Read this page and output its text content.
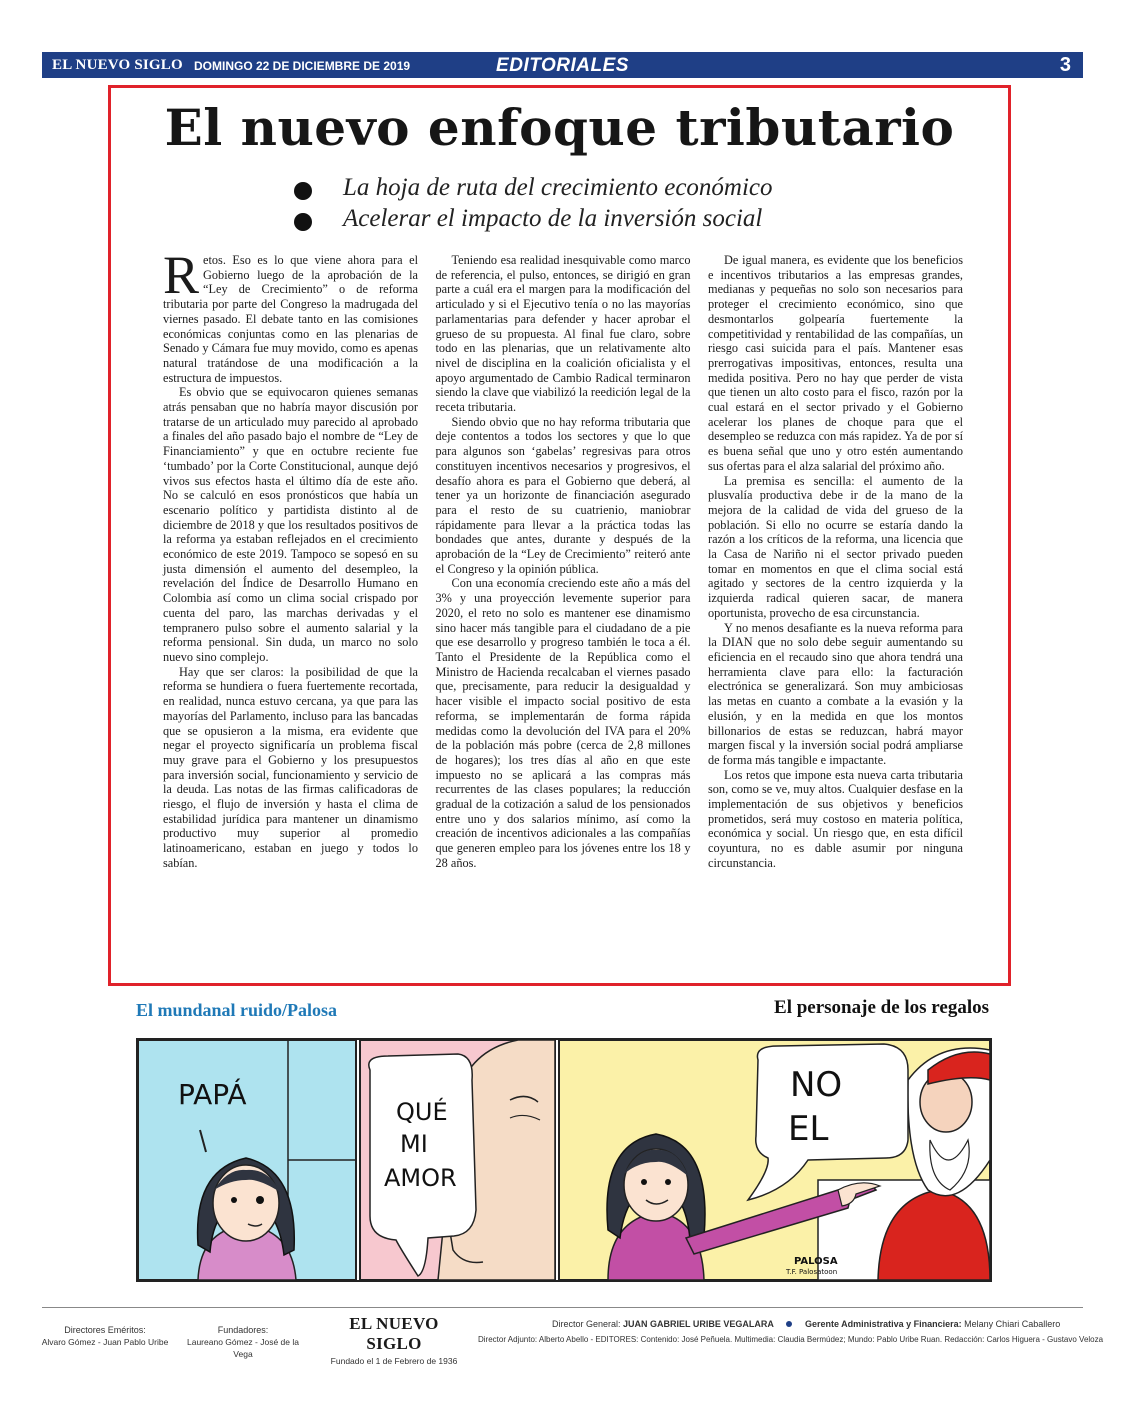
EL NUEVO SIGLO DOMINGO 22 DE DICIEMBRE DE 2019	EDITORIALES	3
El nuevo enfoque tributario
La hoja de ruta del crecimiento económico
Acelerar el impacto de la inversión social

Retos. Eso es lo que viene ahora para el Gobierno luego de la aprobación de la “Ley de Crecimiento” o de reforma tributaria por parte del Congreso la madrugada del viernes pasado. El debate tanto en las comisiones económicas conjuntas como en las plenarias de Senado y Cámara fue muy movido, como es apenas natural tratándose de una modificación a la estructura de impuestos.

Es obvio que se equivocaron quienes semanas atrás pensaban que no habría mayor discusión por tratarse de un articulado muy parecido al aprobado a finales del año pasado bajo el nombre de “Ley de Financiamiento” y que en octubre reciente fue ‘tumbado’ por la Corte Constitucional, aunque dejó vivos sus efectos hasta el último día de este año. No se calculó en esos pronósticos que había un escenario político y partidista distinto al de diciembre de 2018 y que los resultados positivos de la reforma ya estaban reflejados en el crecimiento económico de este 2019. Tampoco se sopesó en su justa dimensión el aumento del desempleo, la revelación del Índice de Desarrollo Humano en Colombia así como un clima social crispado por cuenta del paro, las marchas derivadas y el tempranero pulso sobre el aumento salarial y la reforma pensional. Sin duda, un marco no solo nuevo sino complejo.

Hay que ser claros: la posibilidad de que la reforma se hundiera o fuera fuertemente recortada, en realidad, nunca estuvo cercana, ya que para las mayorías del Parlamento, incluso para las bancadas que se opusieron a la misma, era evidente que negar el proyecto significaría un problema fiscal muy grave para el Gobierno y los presupuestos para inversión social, funcionamiento y servicio de la deuda. Las notas de las firmas calificadoras de riesgo, el flujo de inversión y hasta el clima de estabilidad jurídica para mantener un dinamismo productivo muy superior al promedio latinoamericano, estaban en juego y todos lo sabían.

Teniendo esa realidad inesquivable como marco de referencia, el pulso, entonces, se dirigió en gran parte a cuál era el margen para la modificación del articulado y si el Ejecutivo tenía o no las mayorías parlamentarias para defender y hacer aprobar el grueso de su propuesta. Al final fue claro, sobre todo en las plenarias, que un relativamente alto nivel de disciplina en la coalición oficialista y el apoyo argumentado de Cambio Radical terminaron siendo la clave que viabilizó la reedición legal de la receta tributaria.

Siendo obvio que no hay reforma tributaria que deje contentos a todos los sectores y que lo que para algunos son ‘gabelas’ regresivas para otros constituyen incentivos necesarios y progresivos, el desafío ahora es para el Gobierno que deberá, al tener ya un horizonte de financiación asegurado para el resto de su cuatrienio, maniobrar rápidamente para llevar a la práctica todas las bondades que antes, durante y después de la aprobación de la “Ley de Crecimiento” reiteró ante el Congreso y la opinión pública.

Con una economía creciendo este año a más del 3% y una proyección levemente superior para 2020, el reto no solo es mantener ese dinamismo sino hacer más tangible para el ciudadano de a pie que ese desarrollo y progreso también le toca a él. Tanto el Presidente de la República como el Ministro de Hacienda recalcaban el viernes pasado que, precisamente, para reducir la desigualdad y hacer visible el impacto social positivo de esta reforma, se implementarán de forma rápida medidas como la devolución del IVA para el 20% de la población más pobre (cerca de 2,8 millones de hogares); los tres días al año en que este impuesto no se aplicará a las compras más recurrentes de las clases populares; la reducción gradual de la cotización a salud de los pensionados entre uno y dos salarios mínimo, así como la creación de incentivos adicionales a las compañías que generen empleo para los jóvenes entre los 18 y 28 años.

De igual manera, es evidente que los beneficios e incentivos tributarios a las empresas grandes, medianas y pequeñas no solo son necesarios para proteger el crecimiento económico, sino que desmontarlos golpearía fuertemente la competitividad y rentabilidad de las compañías, un riesgo casi suicida para el país. Mantener esas prerrogativas impositivas, entonces, resulta una medida positiva. Pero no hay que perder de vista que tienen un alto costo para el fisco, razón por la cual estará en el sector privado y el Gobierno acelerar los planes de choque para que el desempleo se reduzca con más rapidez. Ya de por sí es buena señal que uno y otro estén aumentando sus ofertas para el alza salarial del próximo año.

La premisa es sencilla: el aumento de la plusvalía productiva debe ir de la mano de la mejora de la calidad de vida del grueso de la población. Si ello no ocurre se estaría dando la razón a los críticos de la reforma, una licencia que la Casa de Nariño ni el sector privado pueden tomar en momentos en que el clima social está agitado y sectores de la centro izquierda y la izquierda radical quieren sacar, de manera oportunista, provecho de esa circunstancia.

Y no menos desafiante es la nueva reforma para la DIAN que no solo debe seguir aumentando su eficiencia en el recaudo sino que ahora tendrá una herramienta clave para ello: la facturación electrónica se generalizará. Son muy ambiciosas las metas en cuanto a combate a la evasión y la elusión, y en la medida en que los montos billonarios de estas se reduzcan, habrá mayor margen fiscal y la inversión social podrá ampliarse de forma más tangible e impactante.

Los retos que impone esta nueva carta tributaria son, como se ve, muy altos. Cualquier desfase en la implementación de sus objetivos y beneficios prometidos, será muy costoso en materia política, económica y social. Un riesgo que, en esta difícil coyuntura, no es dable asumir por ninguna circunstancia.

El mundanal ruido/Palosa	El personaje de los regalos
PAPÁ
QUÉ
MI
AMOR
NO
EL
PALOSA
T.F. Palosatoon
Directores Eméritos:
Alvaro Gómez - Juan Pablo Uribe
Fundadores:
Laureano Gómez - José de la Vega
EL NUEVO SIGLO
Fundado el 1 de Febrero de 1936
Director General: JUAN GABRIEL URIBE VEGALARA	Gerente Administrativa y Financiera: Melany Chiari Caballero
Director Adjunto: Alberto Abello - EDITORES: Contenido: José Peñuela. Multimedia: Claudia Bermúdez; Mundo: Pablo Uribe Ruan. Redacción: Carlos Higuera - Gustavo Veloza
